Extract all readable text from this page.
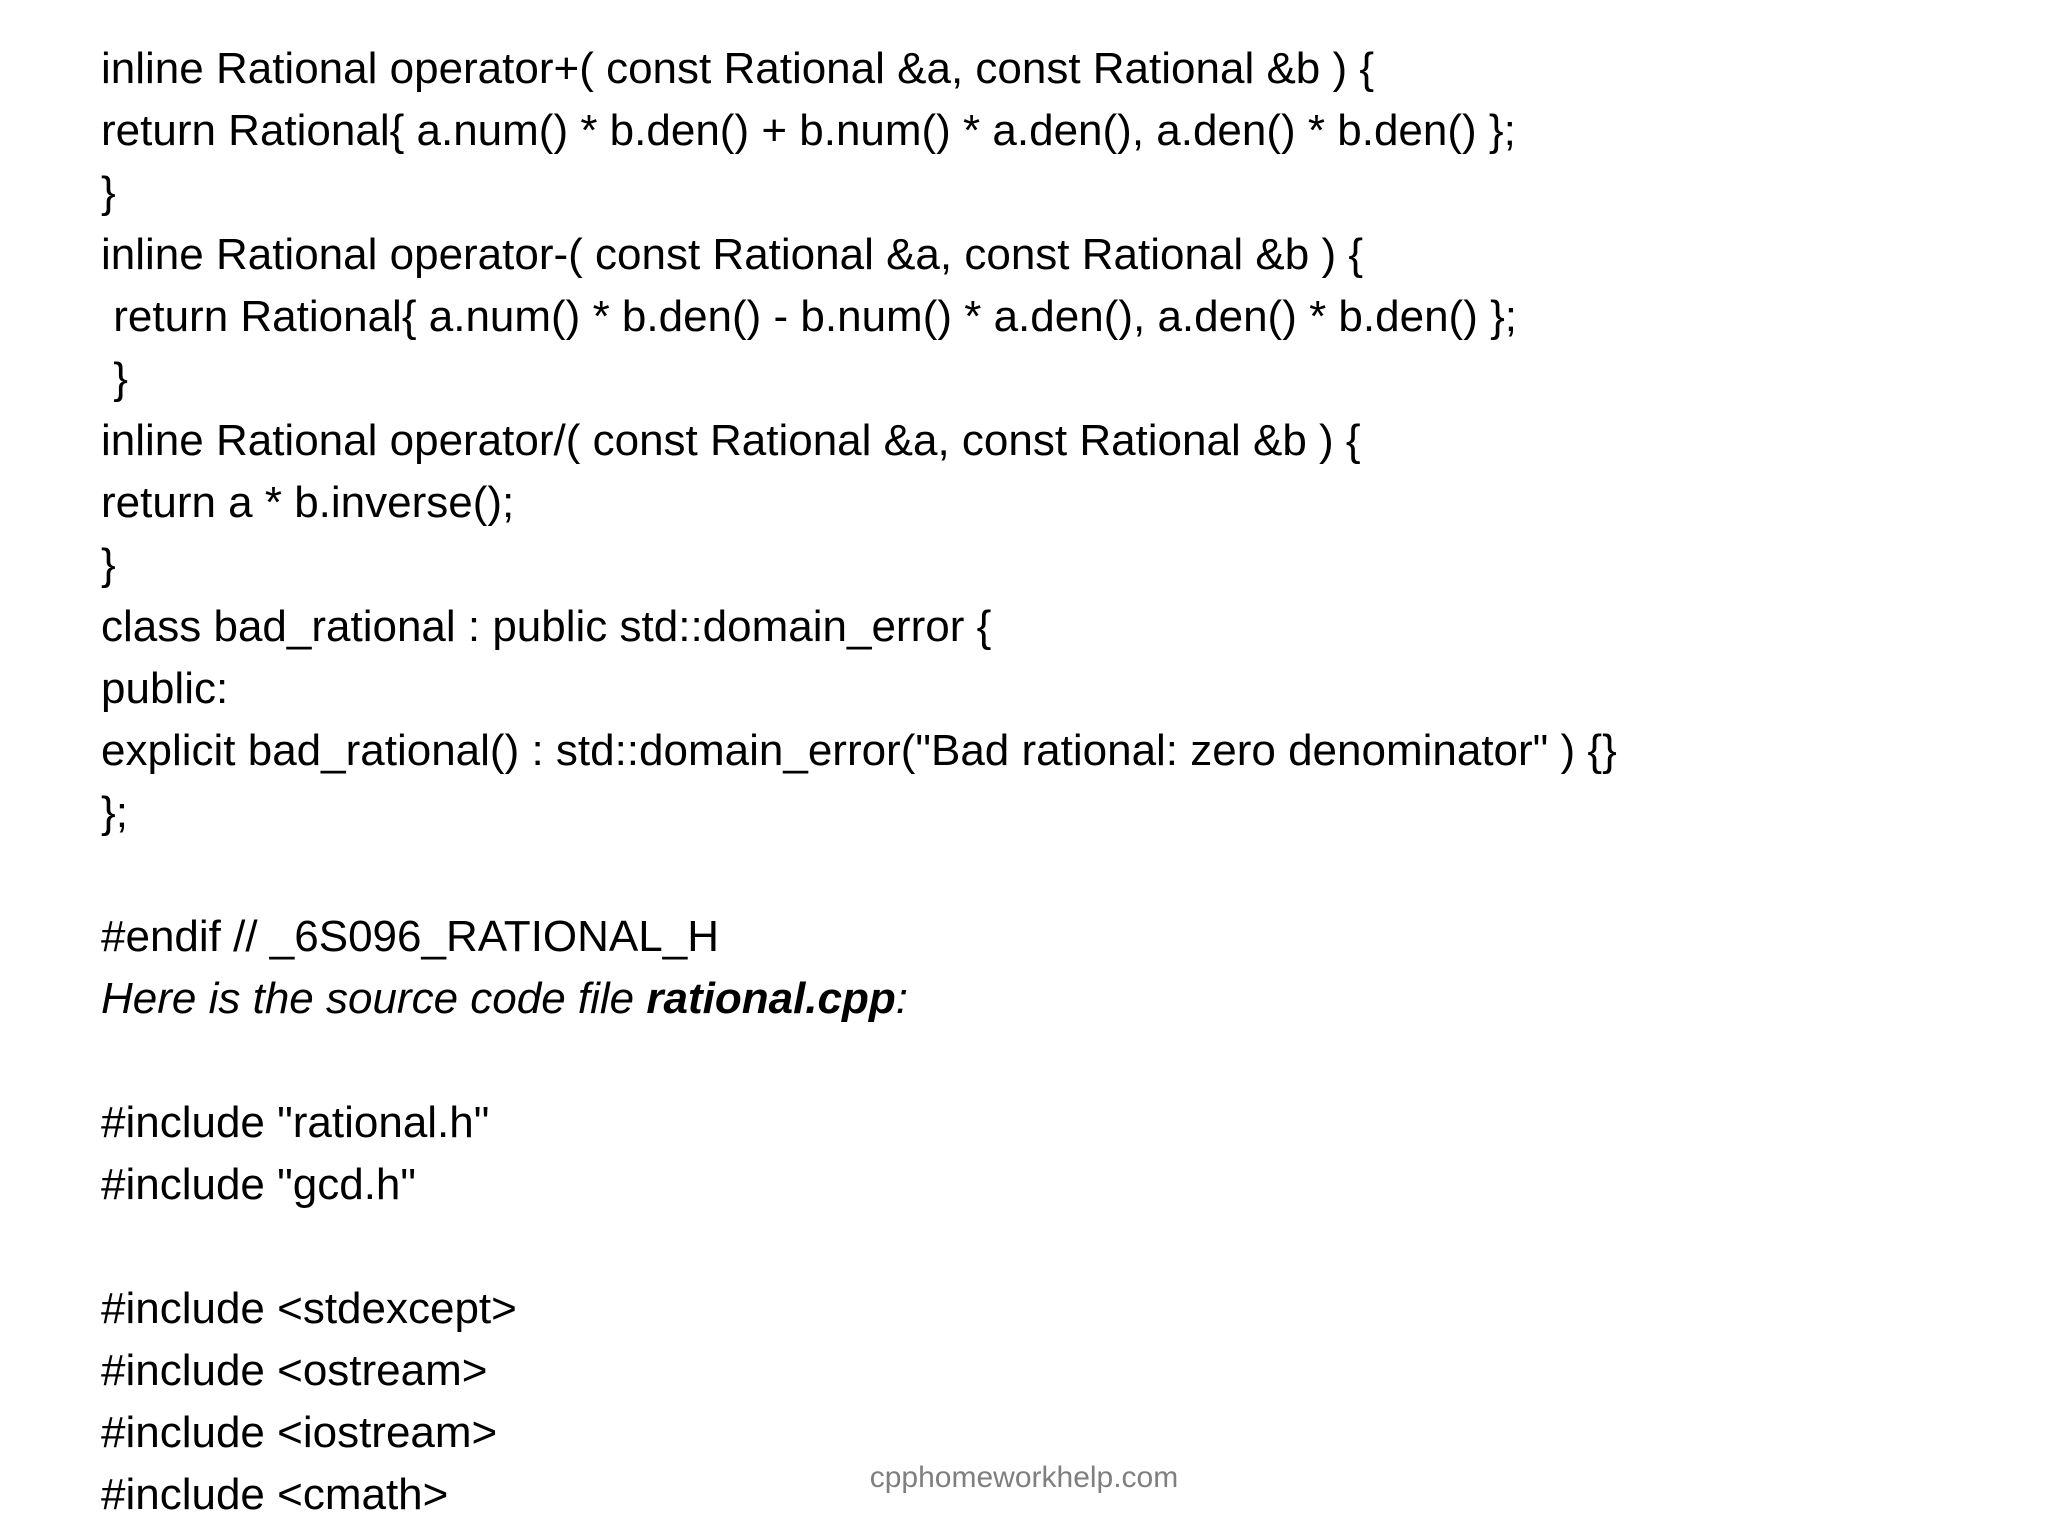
inline Rational operator+( const Rational &a, const Rational &b ) {
return Rational{ a.num() * b.den() + b.num() * a.den(), a.den() * b.den() };
}
inline Rational operator-( const Rational &a, const Rational &b ) {
return Rational{ a.num() * b.den() - b.num() * a.den(), a.den() * b.den() };
}
inline Rational operator/( const Rational &a, const Rational &b ) {
return a * b.inverse();
}
class bad_rational : public std::domain_error {
public:
explicit bad_rational() : std::domain_error("Bad rational: zero denominator" ) {}
};
#endif // _6S096_RATIONAL_H
Here is the source code file rational.cpp:
#include "rational.h"
#include "gcd.h"
#include <stdexcept>
#include <ostream>
#include <iostream>
#include <cmath>	cpphomeworkhelp.com
